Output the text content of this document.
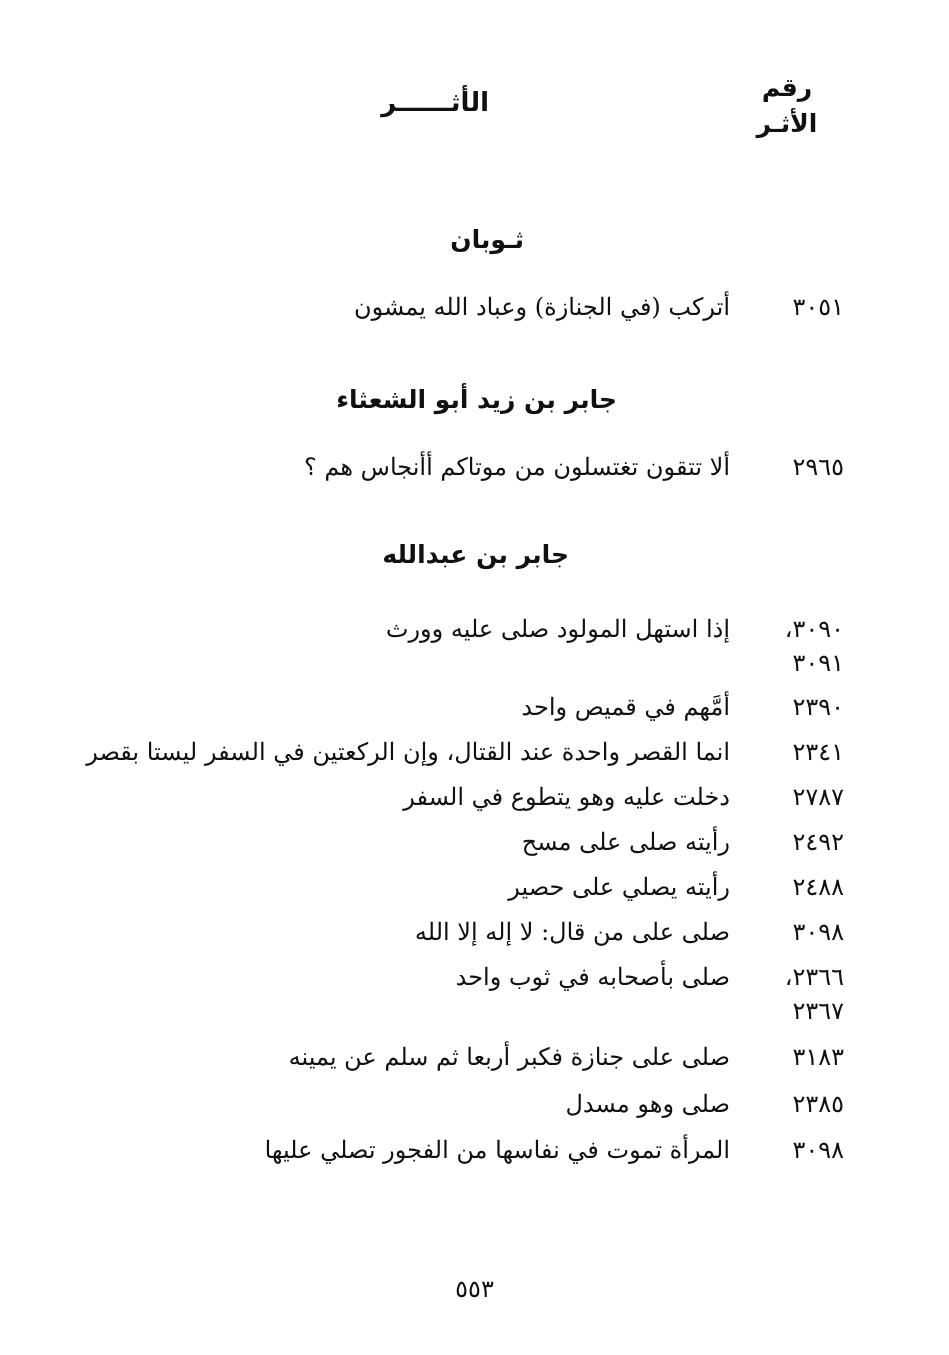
رقم
الأثـر
الأثــــــر
ثـوبان
٣٠٥١
أتركب (في الجنازة) وعباد الله يمشون
جابر بن زيد أبو الشعثاء
٢٩٦٥
ألا تتقون تغتسلون من موتاكم أأنجاس هم ؟
جابر بن عبدالله
٣٠٩٠،
٣٠٩١
إذا استهل المولود صلى عليه وورث
٢٣٩٠
أمَّهم في قميص واحد
٢٣٤١
انما القصر واحدة عند القتال، وإن الركعتين في السفر ليستا بقصر
٢٧٨٧
دخلت عليه وهو يتطوع في السفر
٢٤٩٢
رأيته صلى على مسح
٢٤٨٨
رأيته يصلي على حصير
٣٠٩٨
صلى على من قال: لا إله إلا الله
٢٣٦٦،
٢٣٦٧
صلى بأصحابه في ثوب واحد
٣١٨٣
صلى على جنازة فكبر أربعا ثم سلم عن يمينه
٢٣٨٥
صلى وهو مسدل
٣٠٩٨
المرأة تموت في نفاسها من الفجور تصلي عليها
٥٥٣
